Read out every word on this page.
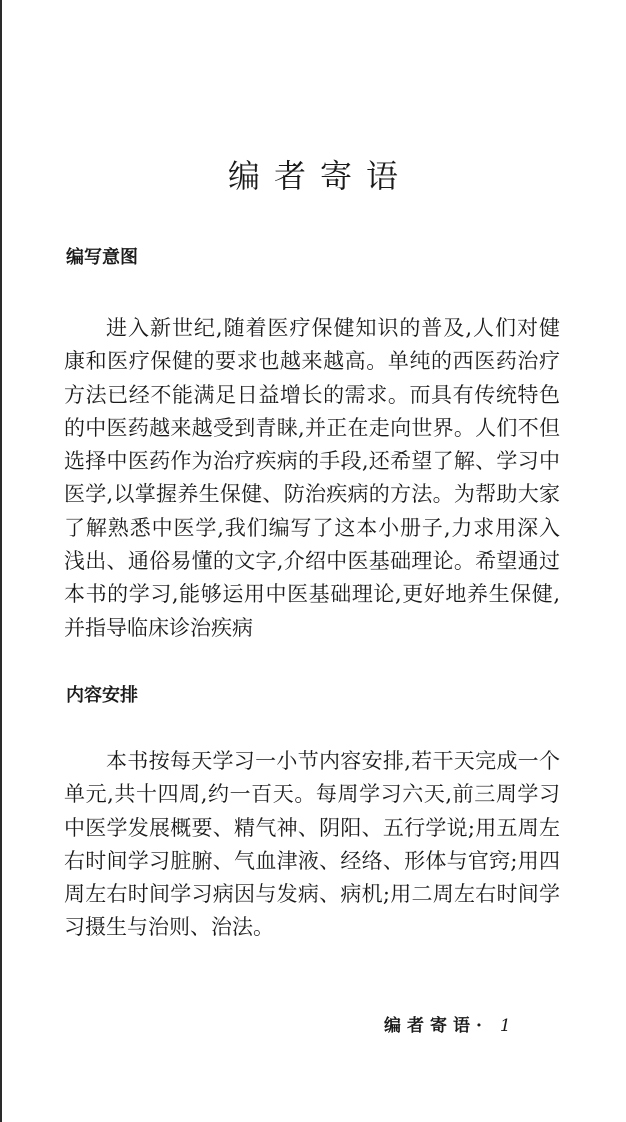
编者寄语
编写意图

进入新世纪,随着医疗保健知识的普及,人们对健康和医疗保健的要求也越来越高。单纯的西医药治疗方法已经不能满足日益增长的需求。而具有传统特色的中医药越来越受到青睐,并正在走向世界。人们不但选择中医药作为治疗疾病的手段,还希望了解、学习中医学,以掌握养生保健、防治疾病的方法。为帮助大家了解熟悉中医学,我们编写了这本小册子,力求用深入浅出、通俗易懂的文字,介绍中医基础理论。希望通过本书的学习,能够运用中医基础理论,更好地养生保健,并指导临床诊治疾病

内容安排

本书按每天学习一小节内容安排,若干天完成一个单元,共十四周,约一百天。每周学习六天,前三周学习中医学发展概要、精气神、阴阳、五行学说;用五周左右时间学习脏腑、气血津液、经络、形体与官窍;用四周左右时间学习病因与发病、病机;用二周左右时间学习摄生与治则、治法。

编者寄语· 1
